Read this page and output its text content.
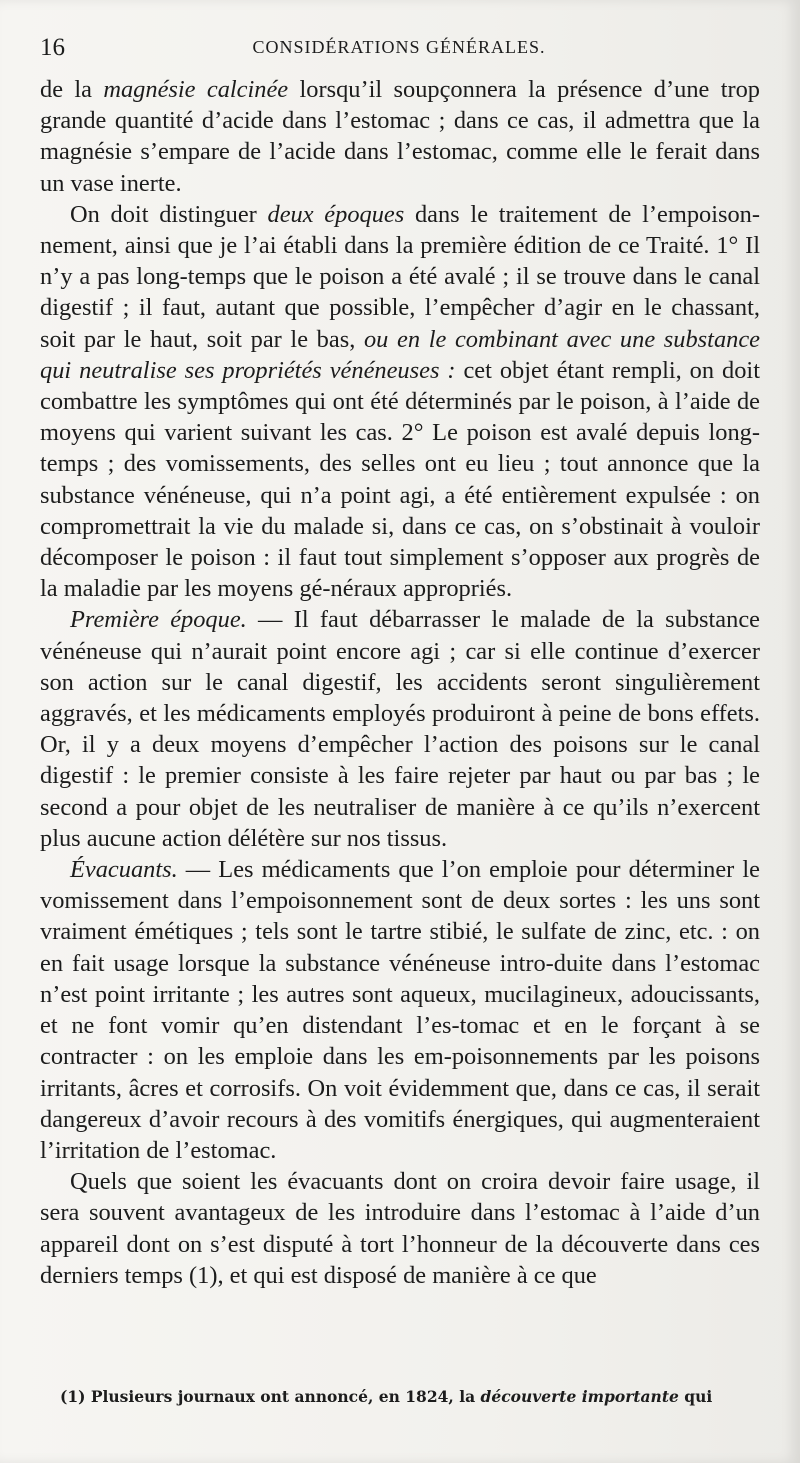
16	CONSIDÉRATIONS GÉNÉRALES.

de la magnésie calcinée lorsqu’il soupçonnera la présence d’une trop grande quantité d’acide dans l’estomac ; dans ce cas, il admettra que la magnésie s’empare de l’acide dans l’estomac, comme elle le ferait dans un vase inerte.

On doit distinguer deux époques dans le traitement de l’empoison-nement, ainsi que je l’ai établi dans la première édition de ce Traité. 1° Il n’y a pas long-temps que le poison a été avalé ; il se trouve dans le canal digestif ; il faut, autant que possible, l’empêcher d’agir en le chassant, soit par le haut, soit par le bas, ou en le combinant avec une substance qui neutralise ses propriétés vénéneuses : cet objet étant rempli, on doit combattre les symptômes qui ont été déterminés par le poison, à l’aide de moyens qui varient suivant les cas. 2° Le poison est avalé depuis long-temps ; des vomissements, des selles ont eu lieu ; tout annonce que la substance vénéneuse, qui n’a point agi, a été entièrement expulsée : on compromettrait la vie du malade si, dans ce cas, on s’obstinait à vouloir décomposer le poison : il faut tout simplement s’opposer aux progrès de la maladie par les moyens gé-néraux appropriés.

Première époque. — Il faut débarrasser le malade de la substance vénéneuse qui n’aurait point encore agi ; car si elle continue d’exercer son action sur le canal digestif, les accidents seront singulièrement aggravés, et les médicaments employés produiront à peine de bons effets. Or, il y a deux moyens d’empêcher l’action des poisons sur le canal digestif : le premier consiste à les faire rejeter par haut ou par bas ; le second a pour objet de les neutraliser de manière à ce qu’ils n’exercent plus aucune action délétère sur nos tissus.

Évacuants. — Les médicaments que l’on emploie pour déterminer le vomissement dans l’empoisonnement sont de deux sortes : les uns sont vraiment émétiques ; tels sont le tartre stibié, le sulfate de zinc, etc. : on en fait usage lorsque la substance vénéneuse intro-duite dans l’estomac n’est point irritante ; les autres sont aqueux, mucilagineux, adoucissants, et ne font vomir qu’en distendant l’es-tomac et en le forçant à se contracter : on les emploie dans les em-poisonnements par les poisons irritants, âcres et corrosifs. On voit évidemment que, dans ce cas, il serait dangereux d’avoir recours à des vomitifs énergiques, qui augmenteraient l’irritation de l’estomac.

Quels que soient les évacuants dont on croira devoir faire usage, il sera souvent avantageux de les introduire dans l’estomac à l’aide d’un appareil dont on s’est disputé à tort l’honneur de la découverte dans ces derniers temps (1), et qui est disposé de manière à ce que

(1) Plusieurs journaux ont annoncé, en 1824, la découverte importante qui
